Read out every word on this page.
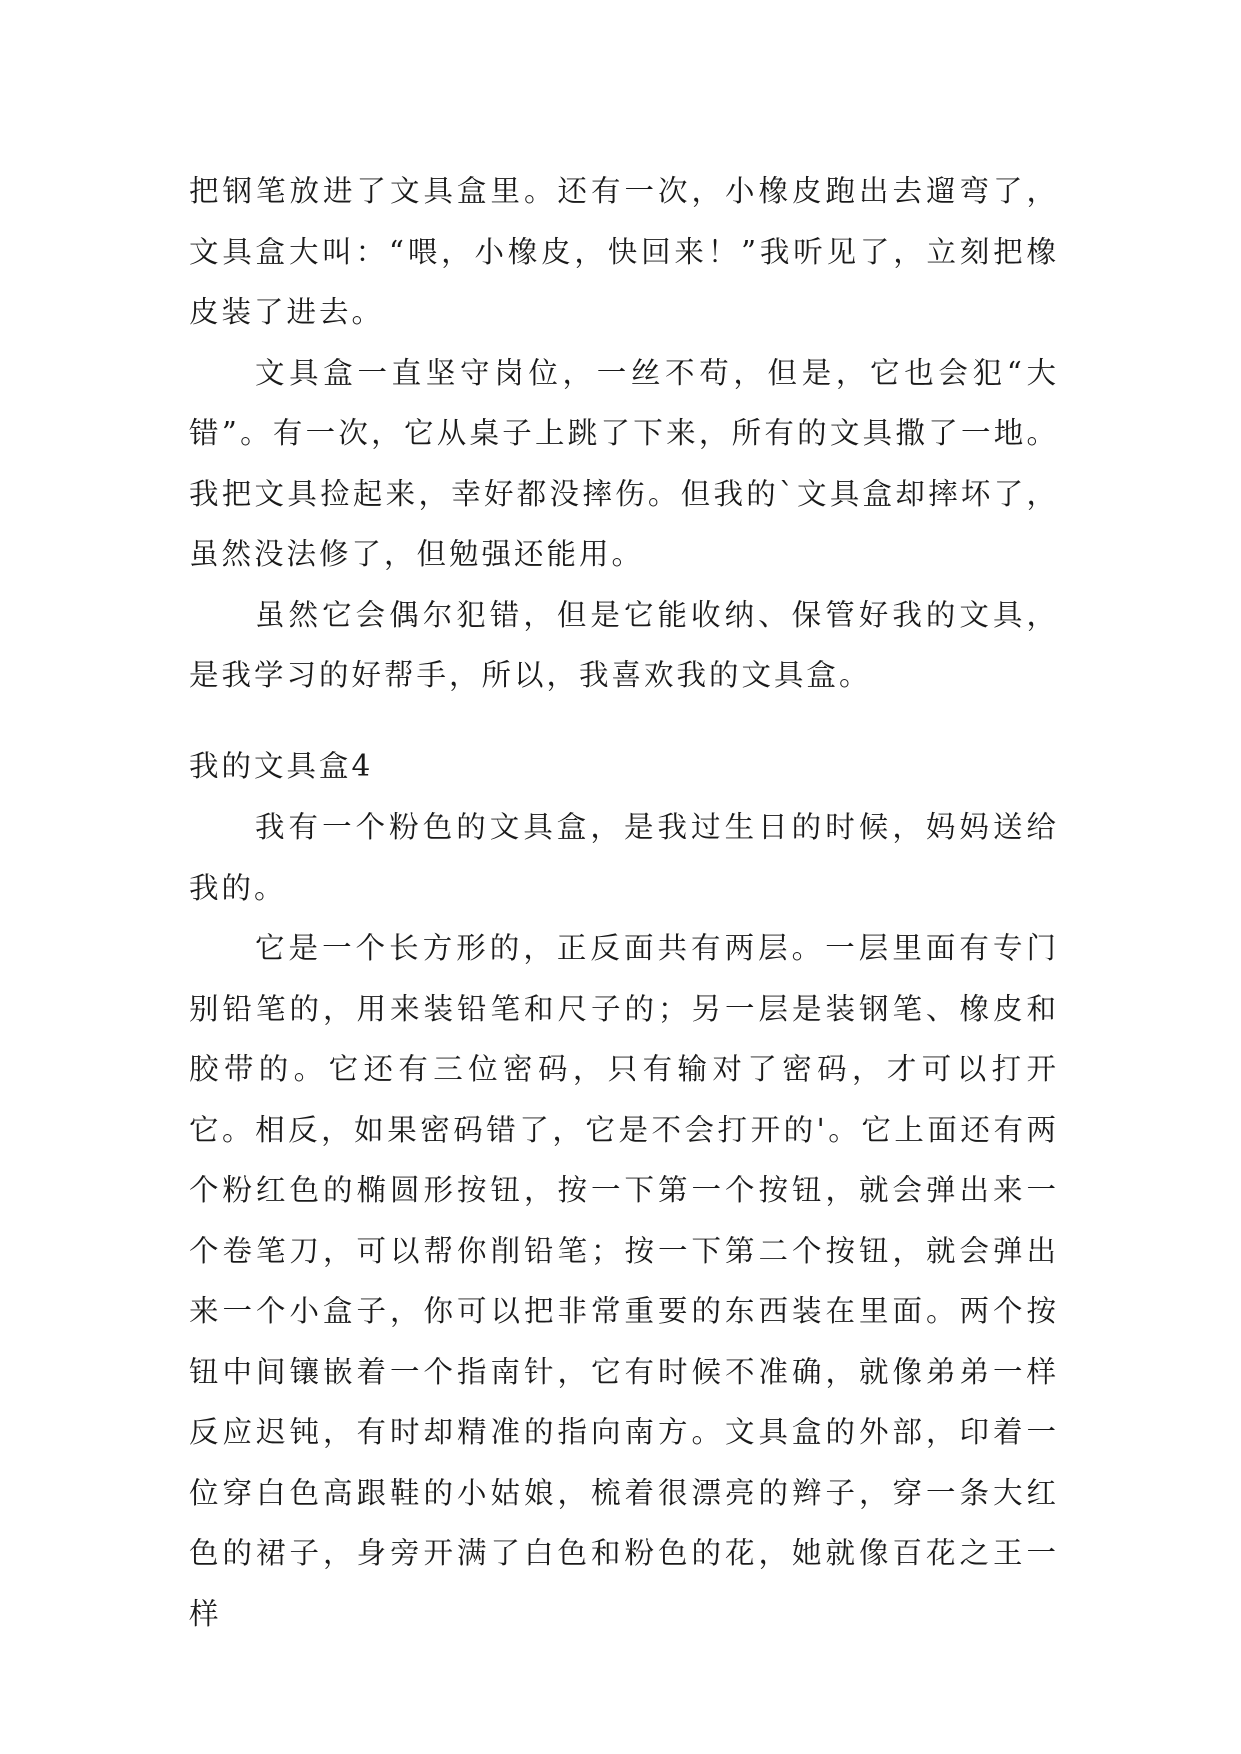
把钢笔放进了文具盒里。还有一次，小橡皮跑出去遛弯了，文具盒大叫：“喂，小橡皮，快回来！”我听见了，立刻把橡皮装了进去。

文具盒一直坚守岗位，一丝不苟，但是，它也会犯“大错”。有一次，它从桌子上跳了下来，所有的文具撒了一地。我把文具捡起来，幸好都没摔伤。但我的`文具盒却摔坏了，虽然没法修了，但勉强还能用。

虽然它会偶尔犯错，但是它能收纳、保管好我的文具，是我学习的好帮手，所以，我喜欢我的文具盒。

我的文具盒4

我有一个粉色的文具盒，是我过生日的时候，妈妈送给我的。

它是一个长方形的，正反面共有两层。一层里面有专门别铅笔的，用来装铅笔和尺子的；另一层是装钢笔、橡皮和胶带的。它还有三位密码，只有输对了密码，才可以打开它。相反，如果密码错了，它是不会打开的'。它上面还有两个粉红色的椭圆形按钮，按一下第一个按钮，就会弹出来一个卷笔刀，可以帮你削铅笔；按一下第二个按钮，就会弹出来一个小盒子，你可以把非常重要的东西装在里面。两个按钮中间镶嵌着一个指南针，它有时候不准确，就像弟弟一样反应迟钝，有时却精准的指向南方。文具盒的外部，印着一位穿白色高跟鞋的小姑娘，梳着很漂亮的辫子，穿一条大红色的裙子，身旁开满了白色和粉色的花，她就像百花之王一样
